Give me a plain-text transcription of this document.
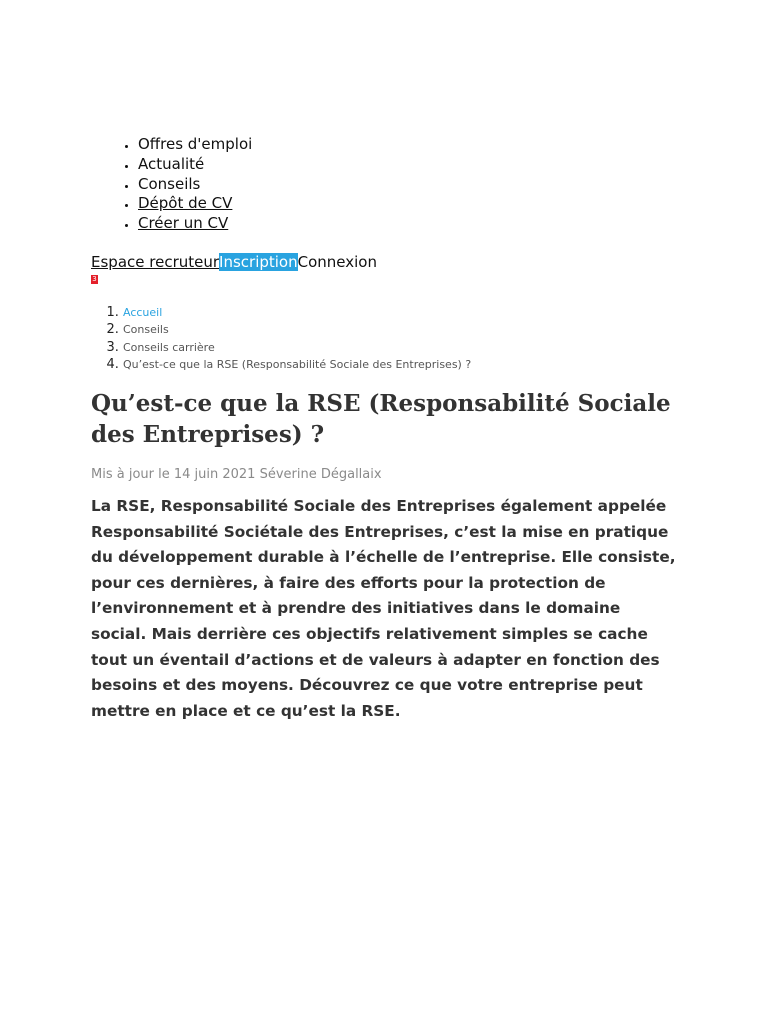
• Offres d'emploi
• Actualité
• Conseils
• Dépôt de CV
• Créer un CV
Espace recruteurInscriptionConnexion
3
1. Accueil
2. Conseils
3. Conseils carrière
4. Qu’est-ce que la RSE (Responsabilité Sociale des Entreprises) ?
Qu’est-ce que la RSE (Responsabilité Sociale des Entreprises) ?
Mis à jour le 14 juin 2021 Séverine Dégallaix

La RSE, Responsabilité Sociale des Entreprises également appelée Responsabilité Sociétale des Entreprises, c’est la mise en pratique du développement durable à l’échelle de l’entreprise. Elle consiste, pour ces dernières, à faire des efforts pour la protection de l’environnement et à prendre des initiatives dans le domaine social. Mais derrière ces objectifs relativement simples se cache tout un éventail d’actions et de valeurs à adapter en fonction des besoins et des moyens. Découvrez ce que votre entreprise peut mettre en place et ce qu’est la RSE.
